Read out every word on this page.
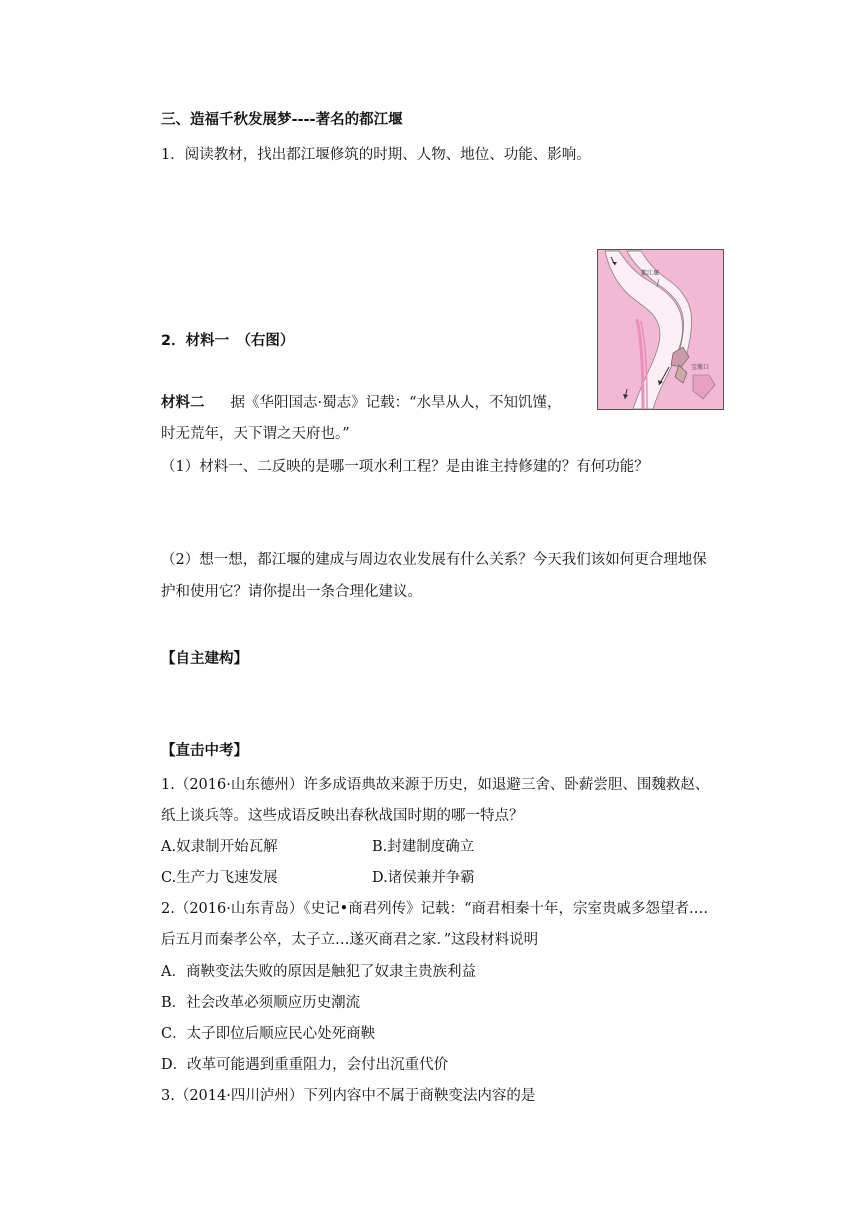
三、造福千秋发展梦----著名的都江堰
1．阅读教材，找出都江堰修筑的时期、人物、地位、功能、影响。
2．材料一　（右图）
材料二 据《华阳国志·蜀志》记载：“水旱从人，不知饥馑，
时无荒年，天下谓之天府也。”
（1）材料一、二反映的是哪一项水利工程？是由谁主持修建的？有何功能？
（2）想一想，都江堰的建成与周边农业发展有什么关系？今天我们该如何更合理地保
护和使用它？请你提出一条合理化建议。
都江堰
宝瓶口
【自主建构】
【直击中考】
1.（2016·山东德州）许多成语典故来源于历史，如退避三舍、卧薪尝胆、围魏救赵、
纸上谈兵等。这些成语反映出春秋战国时期的哪一特点？
A.奴隶制开始瓦解	B.封建制度确立
C.生产力飞速发展	D.诸侯兼并争霸
2.（2016·山东青岛）《史记•商君列传》记载：“商君相秦十年，宗室贵戚多怨望者.…
后五月而秦孝公卒，太子立…遂灭商君之家．”这段材料说明
A．商鞅变法失败的原因是触犯了奴隶主贵族利益
B．社会改革必须顺应历史潮流
C．太子即位后顺应民心处死商鞅
D．改革可能遇到重重阻力，会付出沉重代价
3.（2014·四川泸州）下列内容中不属于商鞅变法内容的是
